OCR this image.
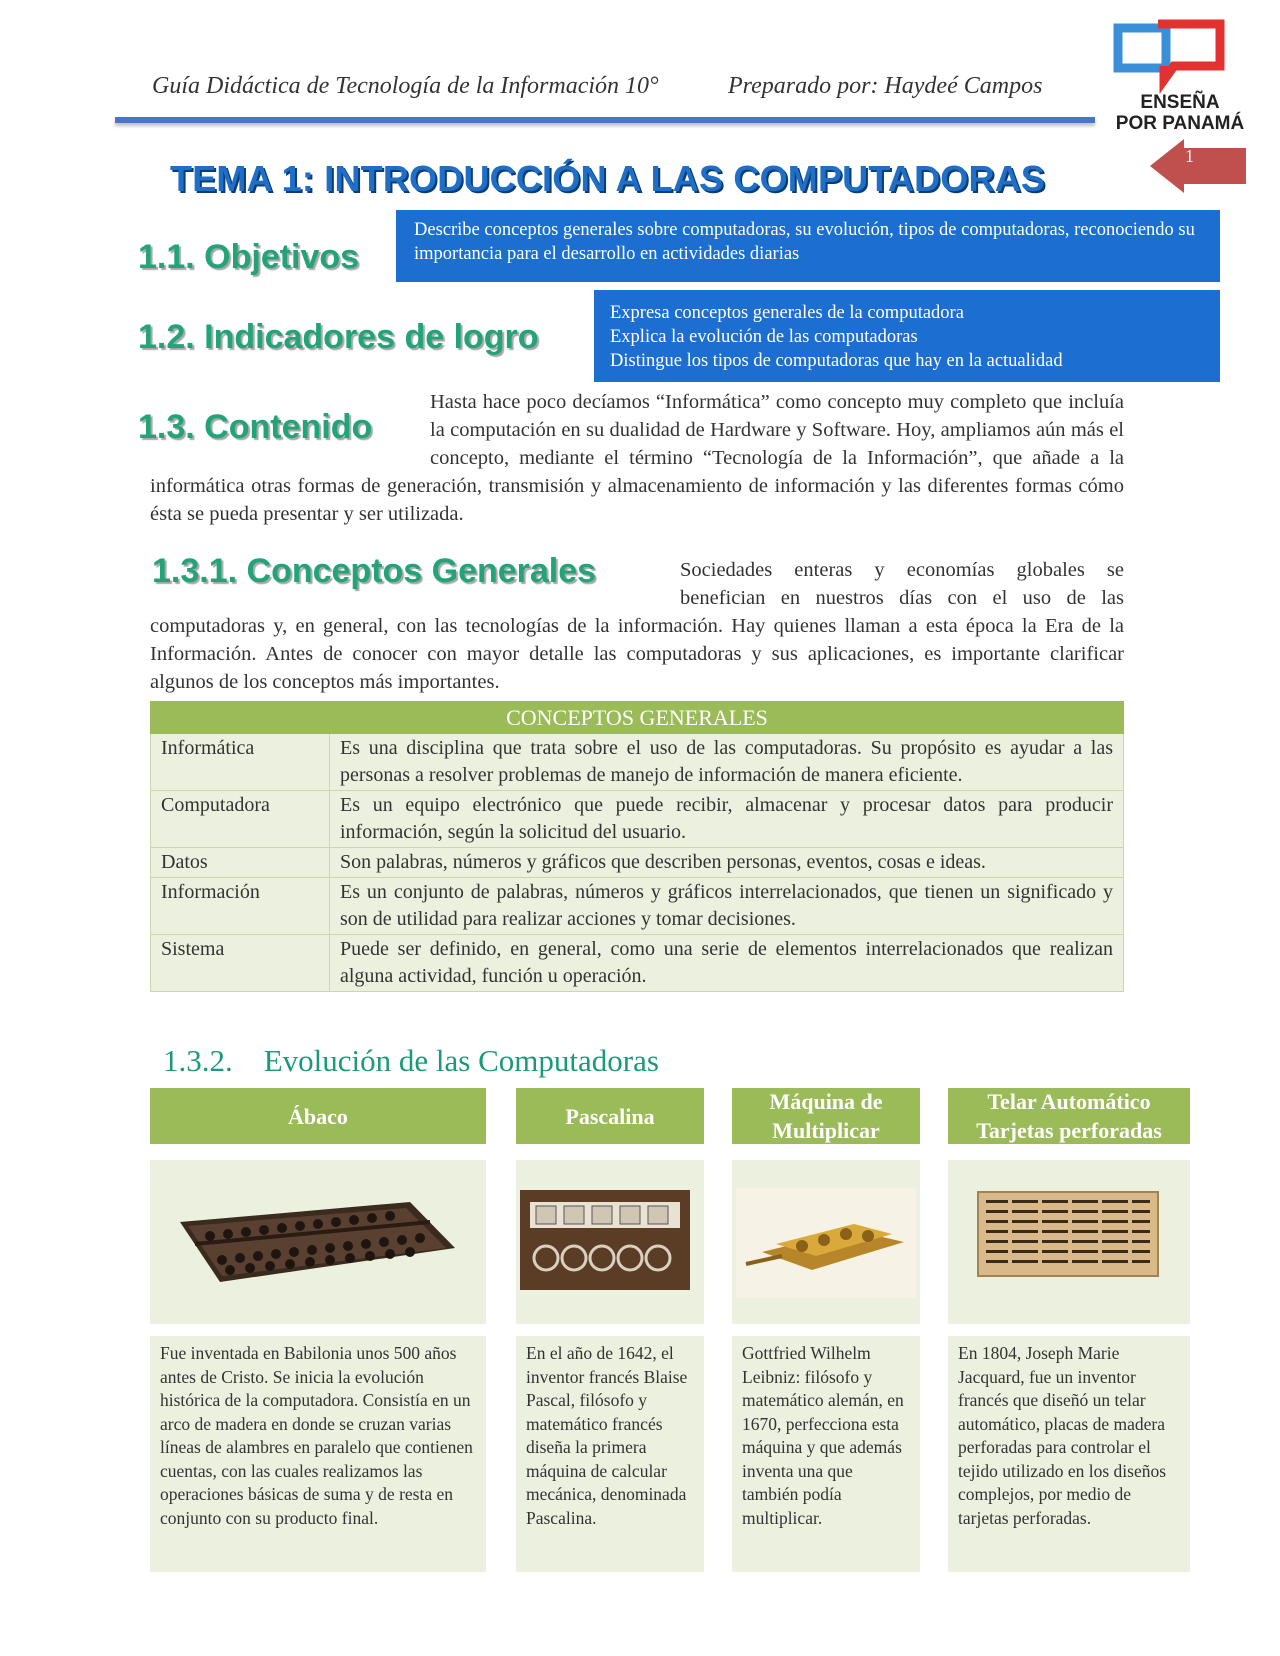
Guía Didáctica de Tecnología de la Información 10°	Preparado por: Haydeé Campos
ENSEÑA
POR PANAMÁ
1
TEMA 1: INTRODUCCIÓN A LAS COMPUTADORAS
1.1. Objetivos
Describe conceptos generales sobre computadoras, su evolución, tipos de computadoras, reconociendo su importancia para el desarrollo en actividades diarias
1.2. Indicadores de logro
Expresa conceptos generales de la computadora
Explica la evolución de las computadoras
Distingue los tipos de computadoras que hay en la actualidad
1.3. Contenido
Hasta hace poco decíamos “Informática” como concepto muy completo que incluía la computación en su dualidad de Hardware y Software. Hoy, ampliamos aún más el concepto, mediante el término “Tecnología de la Información”, que añade a la informática otras formas de generación, transmisión y almacenamiento de información y las diferentes formas cómo ésta se pueda presentar y ser utilizada.
1.3.1. Conceptos Generales	Sociedades enteras y economías globales se benefician en nuestros días con el uso de las computadoras y, en general, con las tecnologías de la información. Hay quienes llaman a esta época la Era de la Información. Antes de conocer con mayor detalle las computadoras y sus aplicaciones, es importante clarificar algunos de los conceptos más importantes.
CONCEPTOS GENERALES	
Informática	Es una disciplina que trata sobre el uso de las computadoras. Su propósito es ayudar a las personas a resolver problemas de manejo de información de manera eficiente.
Computadora	Es un equipo electrónico que puede recibir, almacenar y procesar datos para producir información, según la solicitud del usuario.
Datos	Son palabras, números y gráficos que describen personas, eventos, cosas e ideas.
Información	Es un conjunto de palabras, números y gráficos interrelacionados, que tienen un significado y son de utilidad para realizar acciones y tomar decisiones.
Sistema	Puede ser definido, en general, como una serie de elementos interrelacionados que realizan alguna actividad, función u operación.
1.3.2.    Evolución de las Computadoras
Ábaco	Pascalina
Máquina de Multiplicar
Telar Automático Tarjetas perforadas
Fue inventada en Babilonia unos 500 años antes de Cristo. Se inicia la evolución histórica de la computadora. Consistía en un arco de madera en donde se cruzan varias líneas de alambres en paralelo que contienen cuentas, con las cuales realizamos las operaciones básicas de suma y de resta en conjunto con su producto final.
En el año de 1642, el inventor francés Blaise Pascal, filósofo y matemático francés diseña la primera máquina de calcular mecánica, denominada Pascalina.
Gottfried Wilhelm Leibniz: filósofo y matemático alemán, en 1670, perfecciona esta máquina y que además inventa una que también podía multiplicar.
En 1804, Joseph Marie Jacquard, fue un inventor francés que diseñó un telar automático, placas de madera perforadas para controlar el tejido utilizado en los diseños complejos, por medio de tarjetas perforadas.
